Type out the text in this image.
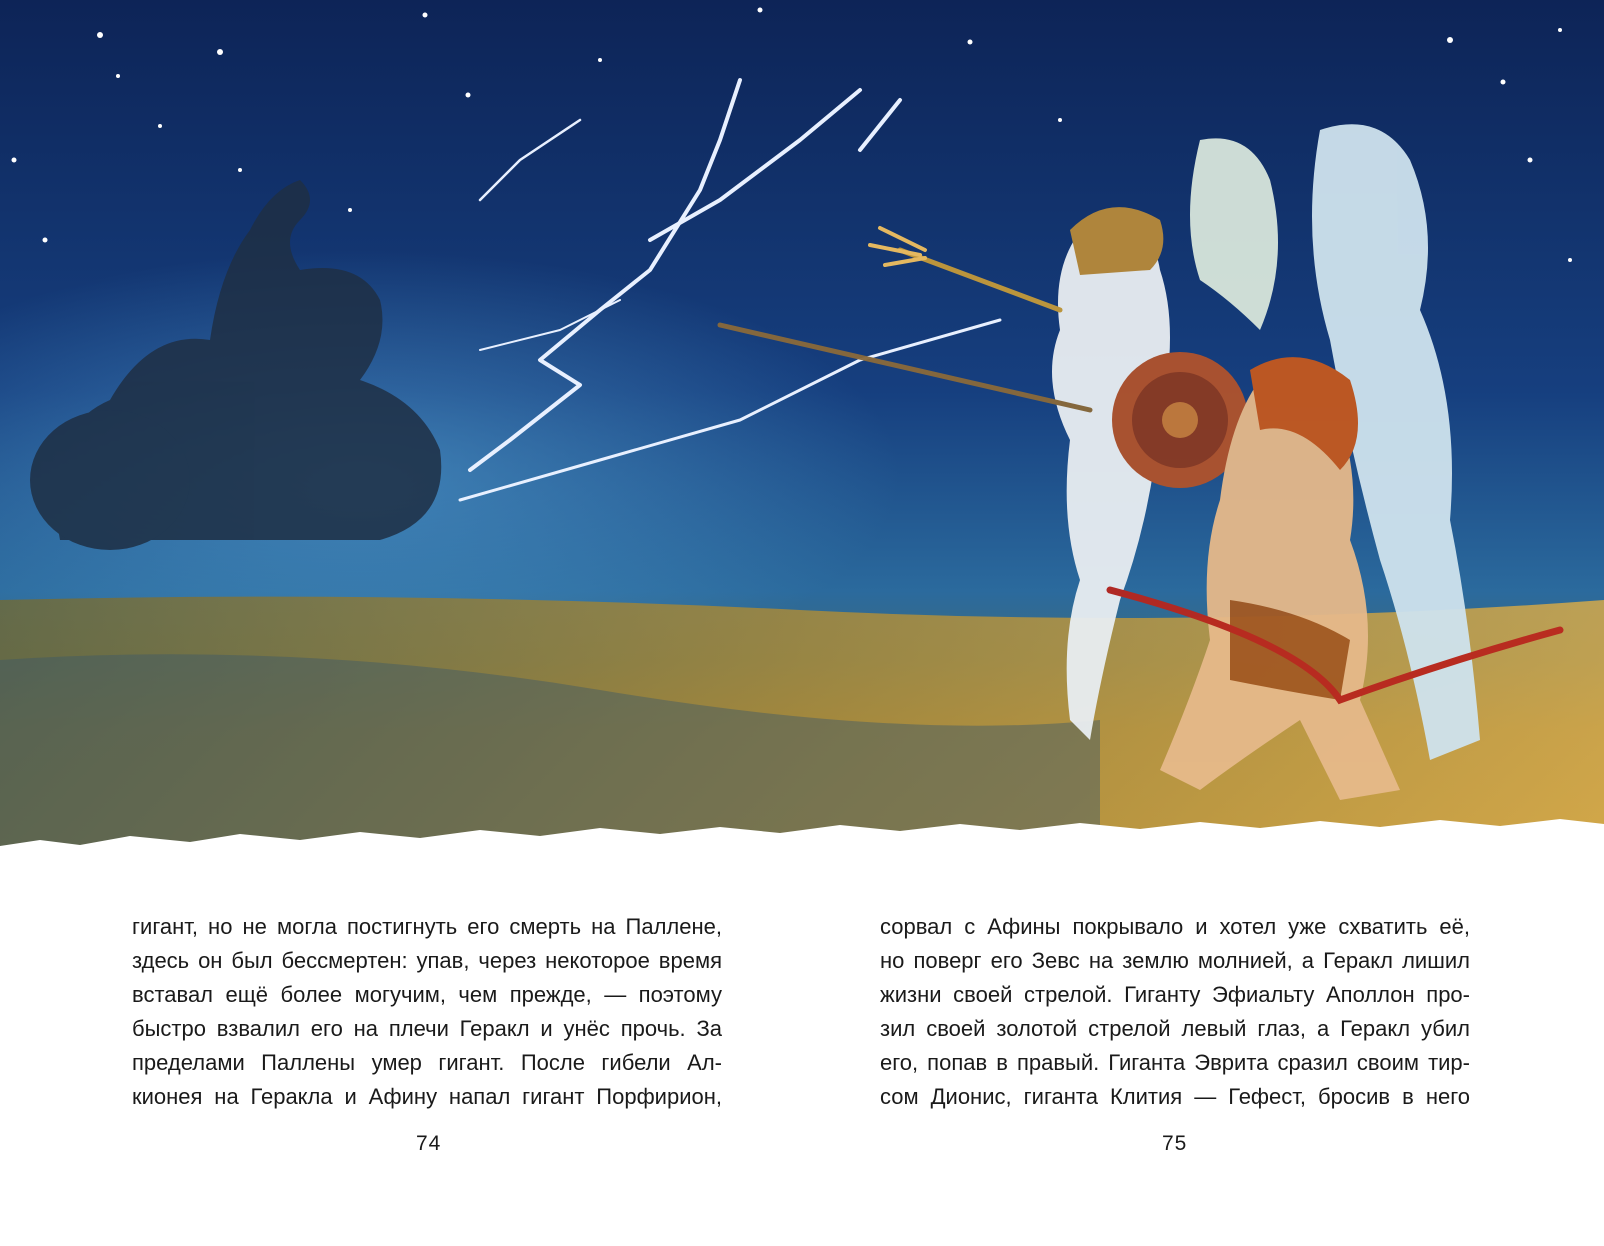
гигант, но не могла постигнуть его смерть на Паллене,
здесь он был бессмертен: упав, через некоторое время
вставал ещё более могучим, чем прежде, — поэтому
быстро взвалил его на плечи Геракл и унёс прочь. За
пределами Паллены умер гигант. После гибели Ал-
кионея на Геракла и Афину напал гигант Порфирион,
сорвал с Афины покрывало и хотел уже схватить её,
но поверг его Зевс на землю молнией, а Геракл лишил
жизни своей стрелой. Гиганту Эфиальту Аполлон про-
зил своей золотой стрелой левый глаз, а Геракл убил
его, попав в правый. Гиганта Эврита сразил своим тир-
сом Дионис, гиганта Клития — Гефест, бросив в него
74	75
